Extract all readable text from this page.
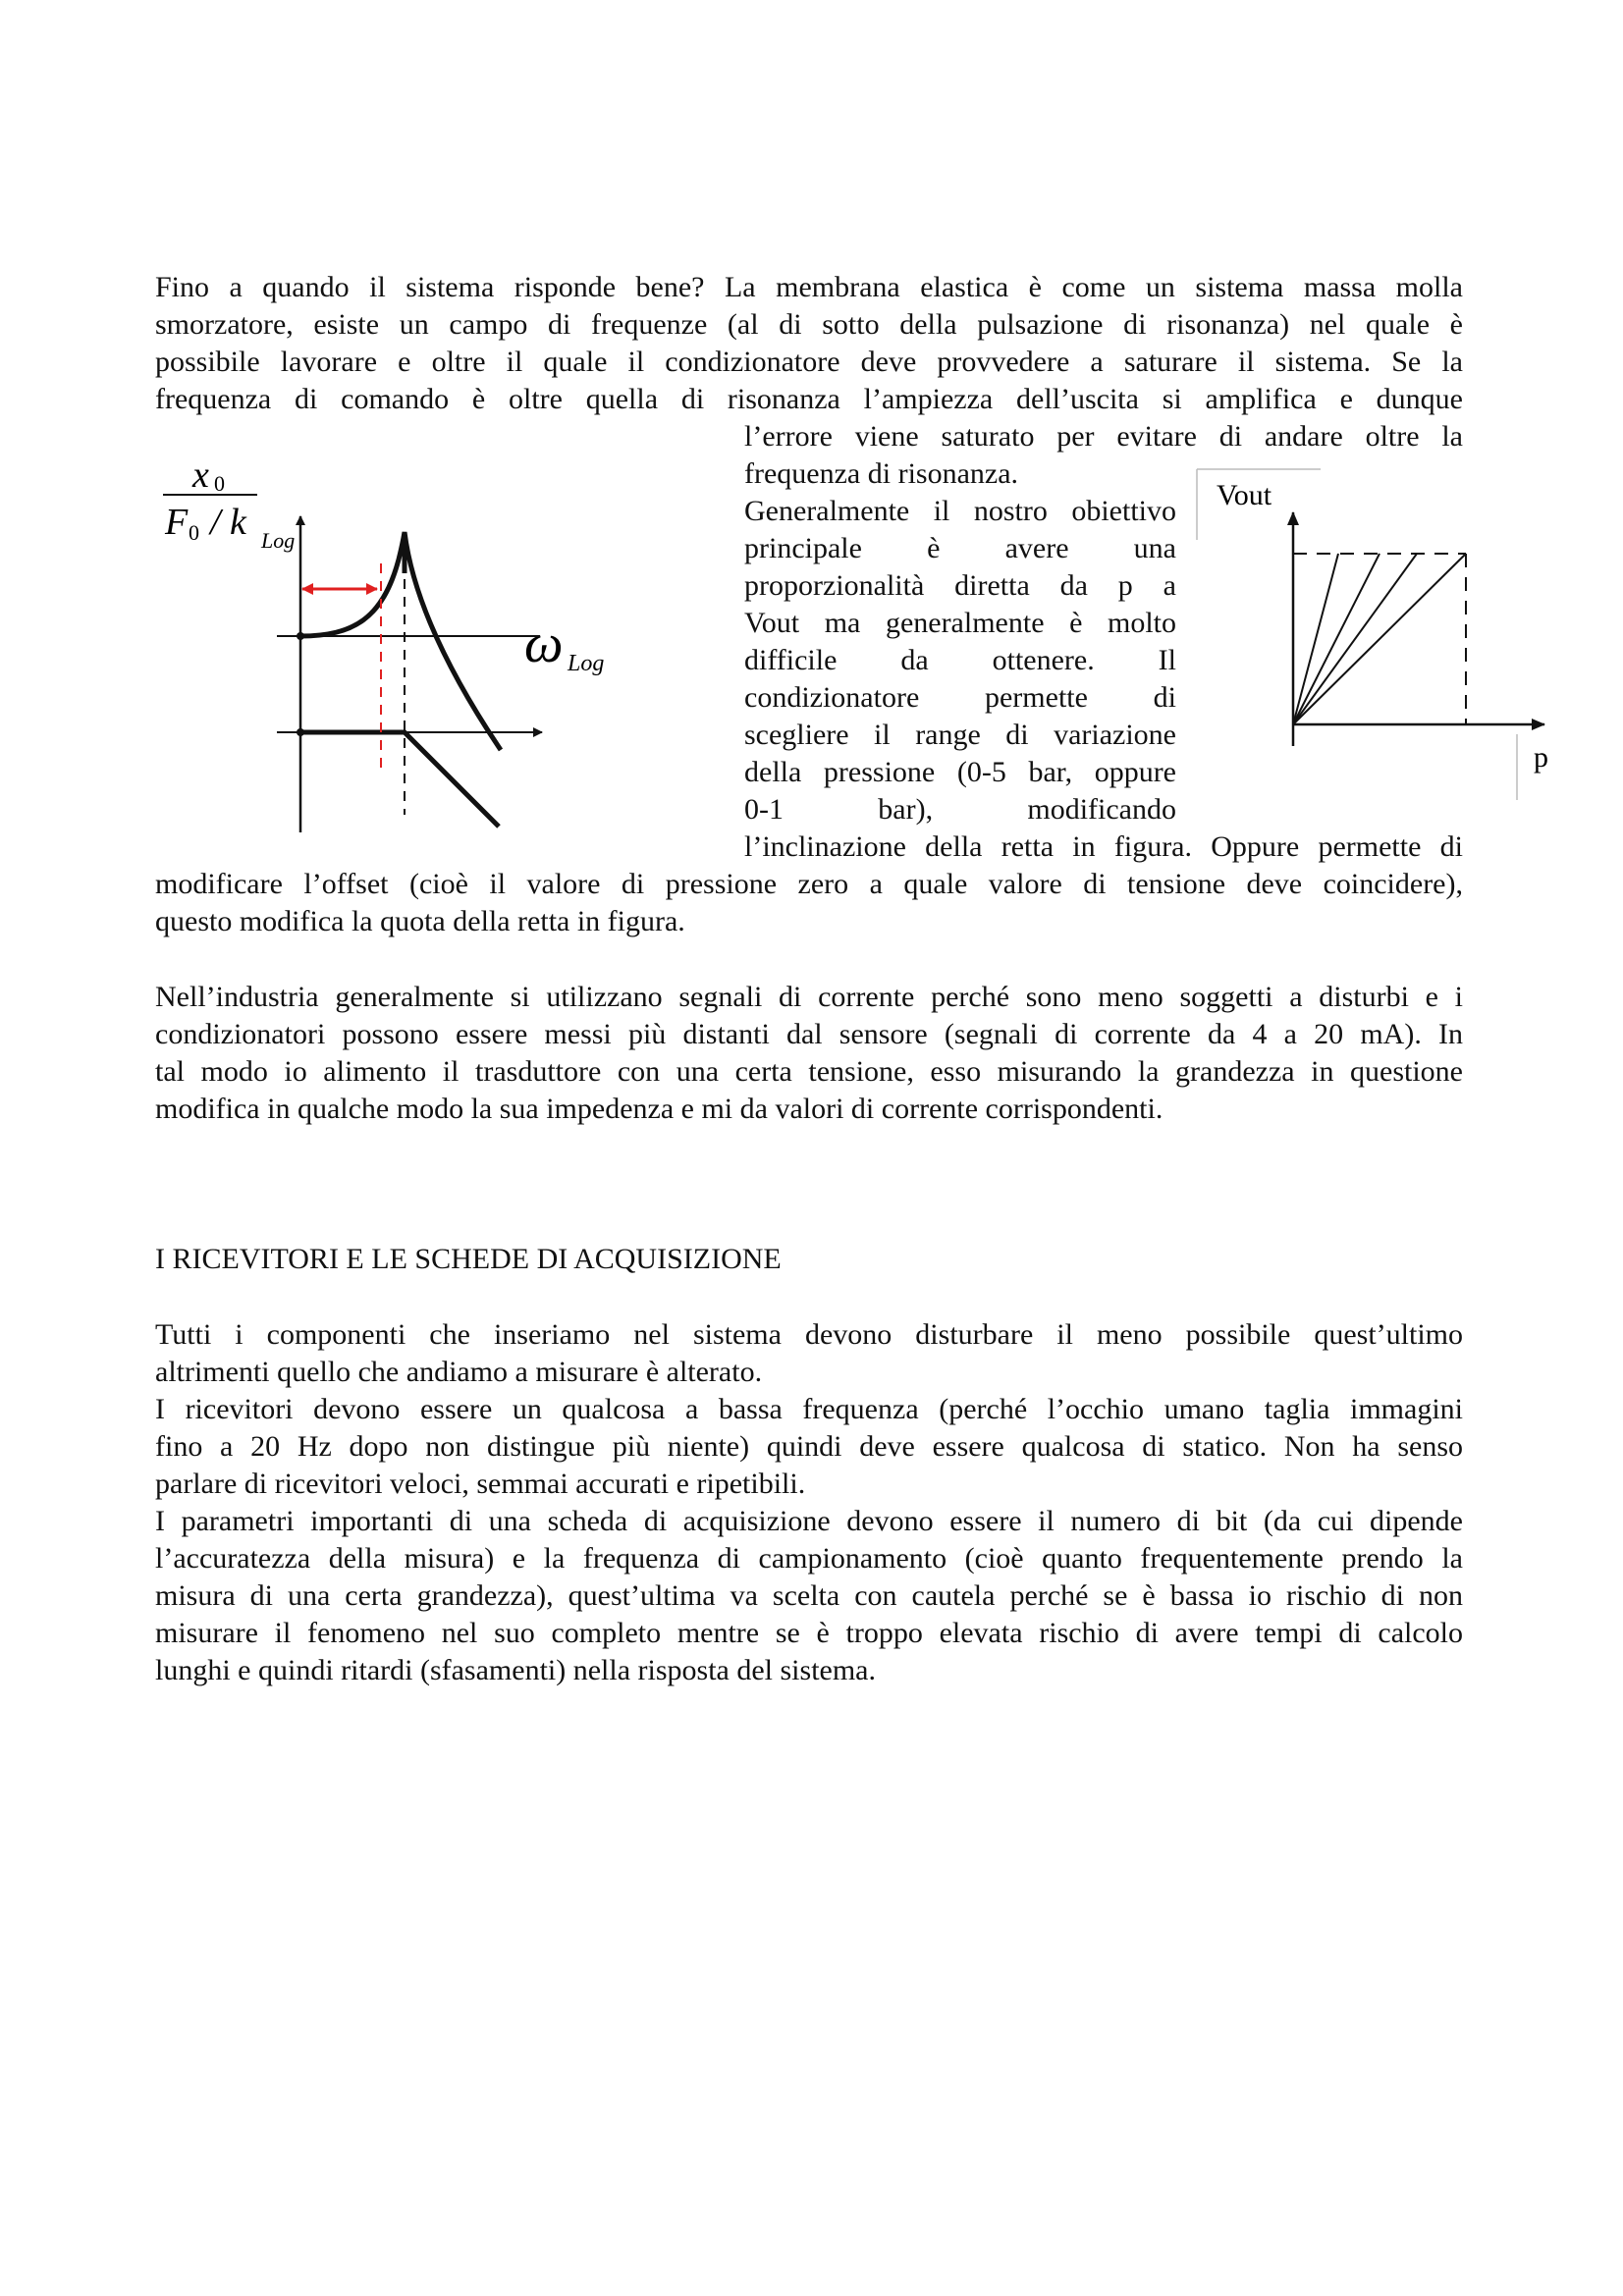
Fino a quando il sistema risponde bene? La membrana elastica è come un sistema massa molla
smorzatore, esiste un campo di frequenze (al di sotto della pulsazione di risonanza) nel quale è
possibile lavorare e oltre il quale il condizionatore deve provvedere a saturare il sistema. Se la
frequenza di comando è oltre quella di risonanza l’ampiezza dell’uscita si amplifica e dunque
l’errore viene saturato per evitare di andare oltre la
frequenza di risonanza.
Generalmente il nostro obiettivo
principale è avere una
proporzionalità diretta da p a
Vout ma generalmente è molto
difficile da ottenere. Il
condizionatore permette di
scegliere il range di variazione
della pressione (0-5 bar, oppure
0-1 bar), modificando
l’inclinazione della retta in figura. Oppure permette di
modificare l’offset (cioè il valore di pressione zero a quale valore di tensione deve coincidere),
questo modifica la quota della retta in figura.
Nell’industria generalmente si utilizzano segnali di corrente perché sono meno soggetti a disturbi e i
condizionatori possono essere messi più distanti dal sensore (segnali di corrente da 4 a 20 mA). In
tal modo io alimento il trasduttore con una certa tensione, esso misurando la grandezza in questione
modifica in qualche modo la sua impedenza e mi da valori di corrente corrispondenti.
I RICEVITORI E LE SCHEDE DI ACQUISIZIONE
Tutti i componenti che inseriamo nel sistema devono disturbare il meno possibile quest’ultimo
altrimenti quello che andiamo a misurare è alterato.
I ricevitori devono essere un qualcosa a bassa frequenza (perché l’occhio umano taglia immagini
fino a 20 Hz dopo non distingue più niente) quindi deve essere qualcosa di statico. Non ha senso
parlare di ricevitori veloci, semmai accurati e ripetibili.
I parametri importanti di una scheda di acquisizione devono essere il numero di bit (da cui dipende
l’accuratezza della misura) e la frequenza di campionamento (cioè quanto frequentemente prendo la
misura di una certa grandezza), quest’ultima va scelta con cautela perché se è bassa io rischio di non
misurare il fenomeno nel suo completo mentre se è troppo elevata rischio di avere tempi di calcolo
lunghi e quindi ritardi (sfasamenti) nella risposta del sistema.
x 0
F 0 / k Log
ω Log
Vout
p
